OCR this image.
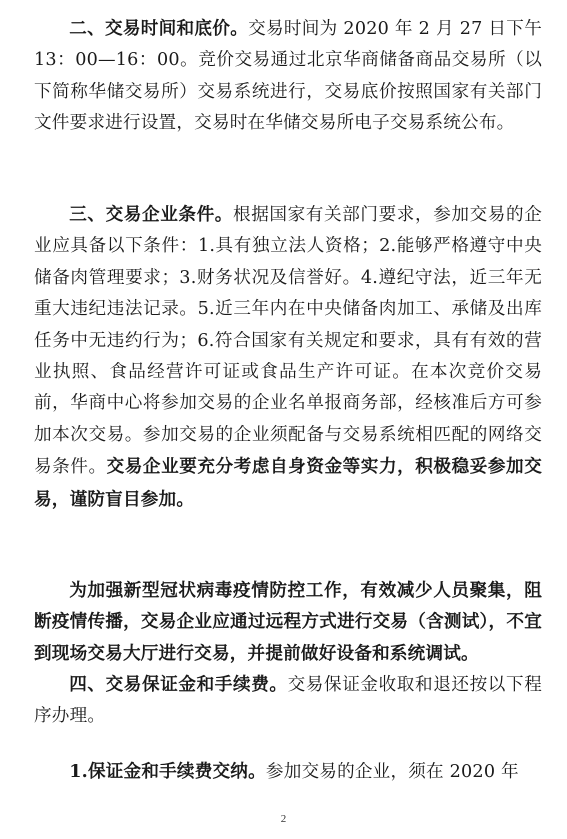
二、交易时间和底价。交易时间为 2020 年 2 月 27 日下午 13：00—16：00。竞价交易通过北京华商储备商品交易所（以下简称华储交易所）交易系统进行，交易底价按照国家有关部门文件要求进行设置，交易时在华储交易所电子交易系统公布。

三、交易企业条件。根据国家有关部门要求，参加交易的企业应具备以下条件：1.具有独立法人资格；2.能够严格遵守中央储备肉管理要求；3.财务状况及信誉好。4.遵纪守法，近三年无重大违纪违法记录。5.近三年内在中央储备肉加工、承储及出库任务中无违约行为；6.符合国家有关规定和要求，具有有效的营业执照、食品经营许可证或食品生产许可证。在本次竞价交易前，华商中心将参加交易的企业名单报商务部，经核准后方可参加本次交易。参加交易的企业须配备与交易系统相匹配的网络交易条件。交易企业要充分考虑自身资金等实力，积极稳妥参加交易，谨防盲目参加。

为加强新型冠状病毒疫情防控工作，有效减少人员聚集，阻断疫情传播，交易企业应通过远程方式进行交易（含测试），不宜到现场交易大厅进行交易，并提前做好设备和系统调试。

四、交易保证金和手续费。交易保证金收取和退还按以下程序办理。

1.保证金和手续费交纳。参加交易的企业，须在 2020 年

2
